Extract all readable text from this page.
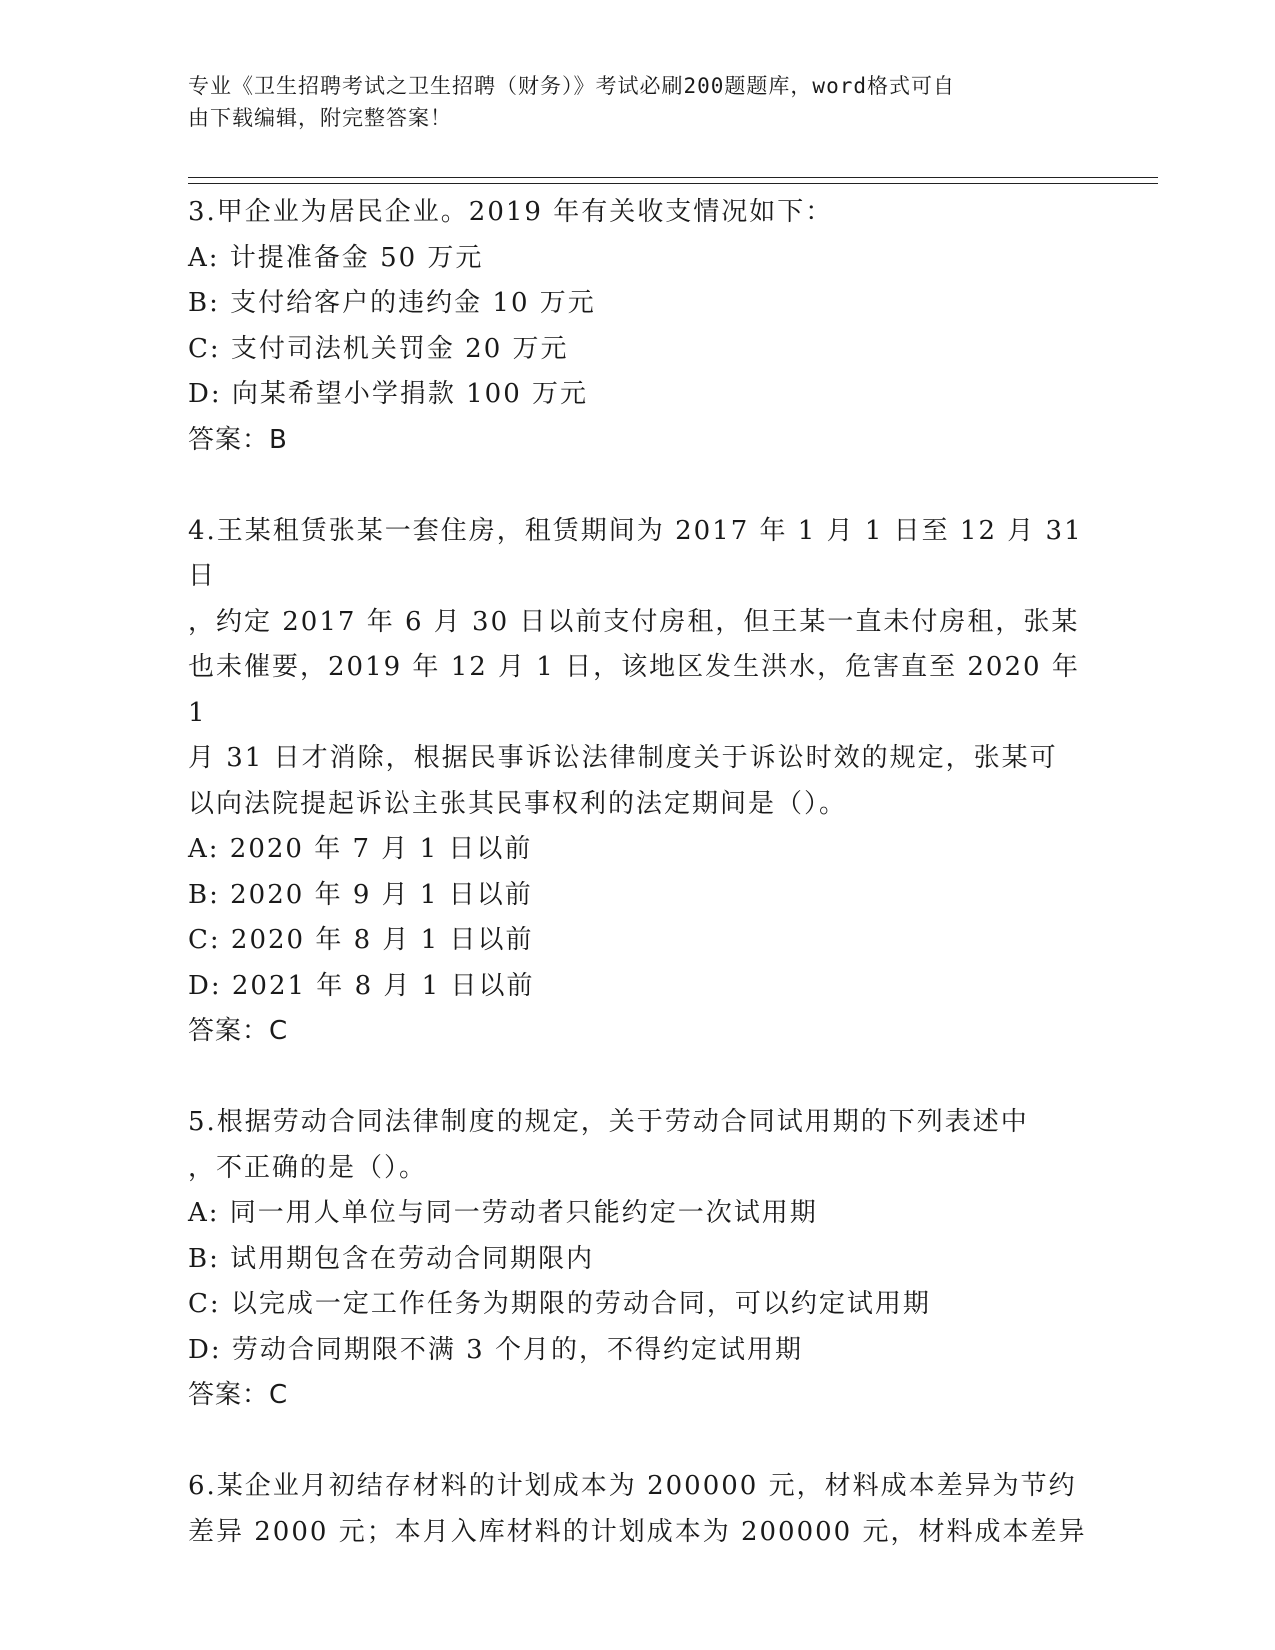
专业《卫生招聘考试之卫生招聘（财务）》考试必刷200题题库，word格式可自
由下载编辑，附完整答案！

3.甲企业为居民企业。2019 年有关收支情况如下：

A: 计提准备金 50 万元

B: 支付给客户的违约金 10 万元

C: 支付司法机关罚金 20 万元

D: 向某希望小学捐款 100 万元

答案：B

4.王某租赁张某一套住房，租赁期间为 2017 年 1 月 1 日至 12 月 31 日

，约定 2017 年 6 月 30 日以前支付房租，但王某一直未付房租，张某

也未催要，2019 年 12 月 1 日，该地区发生洪水，危害直至 2020 年 1

月 31 日才消除，根据民事诉讼法律制度关于诉讼时效的规定，张某可

以向法院提起诉讼主张其民事权利的法定期间是（）。

A: 2020 年 7 月 1 日以前

B: 2020 年 9 月 1 日以前

C: 2020 年 8 月 1 日以前

D: 2021 年 8 月 1 日以前

答案：C

5.根据劳动合同法律制度的规定，关于劳动合同试用期的下列表述中

，不正确的是（）。

A: 同一用人单位与同一劳动者只能约定一次试用期

B: 试用期包含在劳动合同期限内

C: 以完成一定工作任务为期限的劳动合同，可以约定试用期

D: 劳动合同期限不满 3 个月的，不得约定试用期

答案：C

6.某企业月初结存材料的计划成本为 200000 元，材料成本差异为节约

差异 2000 元；本月入库材料的计划成本为 200000 元，材料成本差异
